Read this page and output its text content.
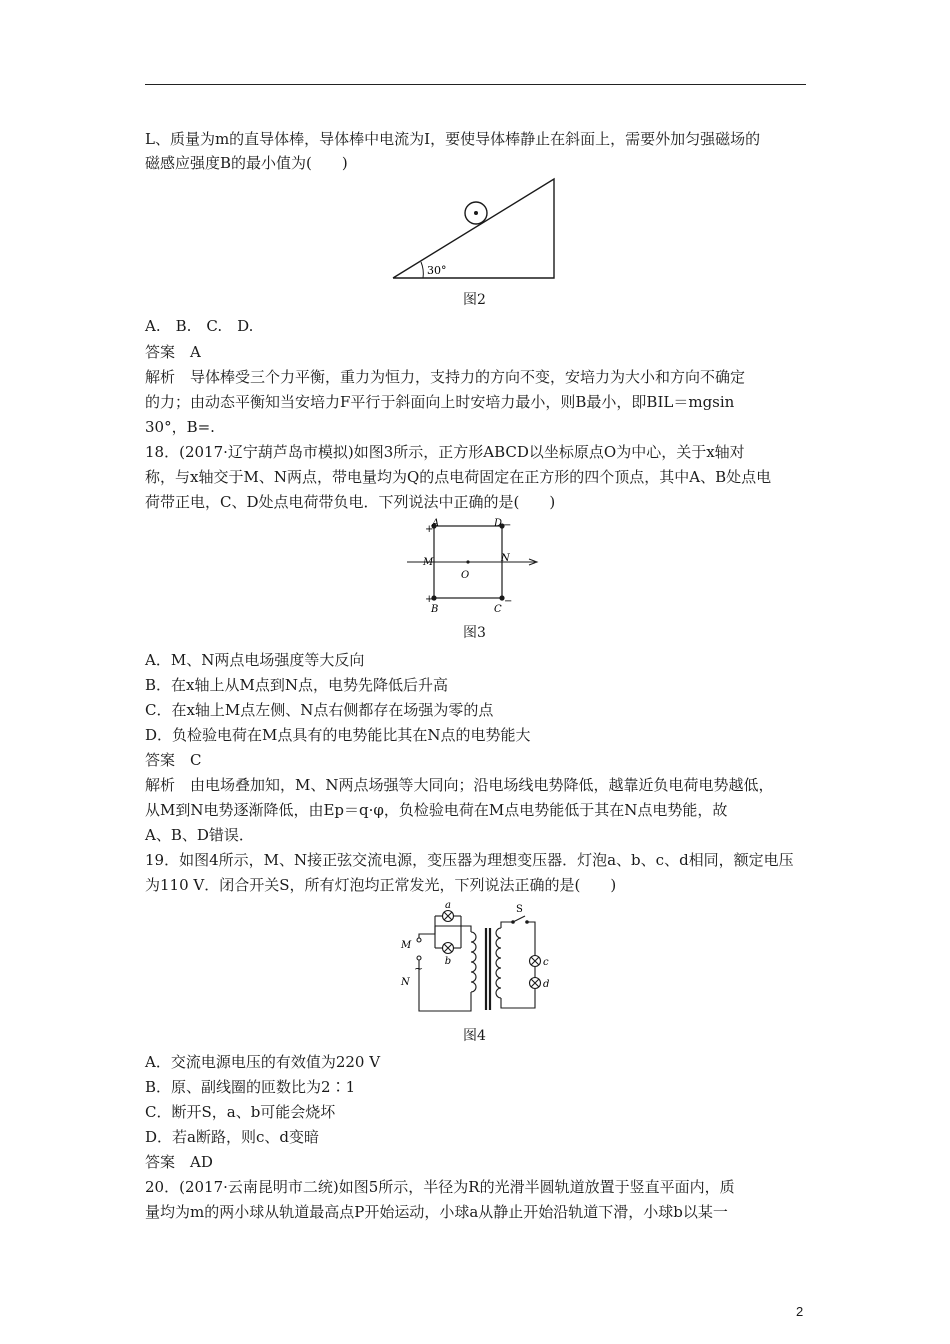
L、质量为m的直导体棒，导体棒中电流为I，要使导体棒静止在斜面上，需要外加匀强磁场的
磁感应强度B的最小值为(　　)
30°
图2
A.　B.　C.　D.
答案　A
解析　导体棒受三个力平衡，重力为恒力，支持力的方向不变，安培力为大小和方向不确定
的力；由动态平衡知当安培力F平行于斜面向上时安培力最小，则B最小，即BIL＝mgsin
30°，B=.
18．(2017·辽宁葫芦岛市模拟)如图3所示，正方形ABCD以坐标原点O为中心，关于x轴对
称，与x轴交于M、N两点，带电量均为Q的点电荷固定在正方形的四个顶点，其中A、B处点电
荷带正电，C、D处点电荷带负电．下列说法中正确的是(　　)
A
+
D −
M	N
O
+
B	C
−
图3
A．M、N两点电场强度等大反向
B．在x轴上从M点到N点，电势先降低后升高
C．在x轴上M点左侧、N点右侧都存在场强为零的点
D．负检验电荷在M点具有的电势能比其在N点的电势能大
答案　C
解析　由电场叠加知，M、N两点场强等大同向；沿电场线电势降低，越靠近负电荷电势越低，
从M到N电势逐渐降低，由Ep＝q·φ，负检验电荷在M点电势能低于其在N点电势能，故
A、B、D错误．
19．如图4所示，M、N接正弦交流电源，变压器为理想变压器．灯泡a、b、c、d相同，额定电压
为110 V．闭合开关S，所有灯泡均正常发光，下列说法正确的是(　　)
a
b	c
d
M
N
~
S
图4
A．交流电源电压的有效值为220 V
B．原、副线圈的匝数比为2∶1
C．断开S，a、b可能会烧坏
D．若a断路，则c、d变暗
答案　AD
20．(2017·云南昆明市二统)如图5所示，半径为R的光滑半圆轨道放置于竖直平面内，质
量均为m的两小球从轨道最高点P开始运动，小球a从静止开始沿轨道下滑，小球b以某一
2
